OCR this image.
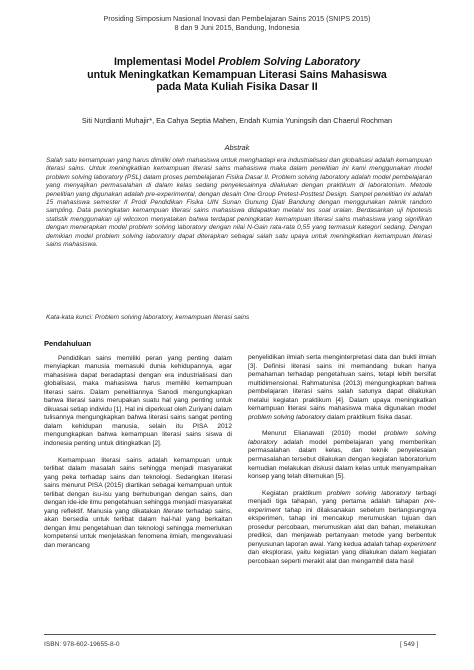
Prosiding Simposium Nasional Inovasi dan Pembelajaran Sains 2015 (SNIPS 2015)
8 dan 9 Juni 2015, Bandung, Indonesia
Implementasi Model Problem Solving Laboratory
untuk Meningkatkan Kemampuan Literasi Sains Mahasiswa
pada Mata Kuliah Fisika Dasar II
Siti Nurdianti Muhajir*, Ea Cahya Septia Mahen, Endah Kurnia Yuningsih dan Chaerul Rochman
Abstrak
Salah satu kemampuan yang harus dimiliki oleh mahasiswa untuk menghadapi era industrialisasi dan globalisasi adalah kemampuan literasi sains. Untuk meningkatkan kemampuan literasi sains mahasiswa maka dalam penelitian ini kami menggunakan model problem solving laboratory (PSL) dalam proses pembelajaran Fisika Dasar II. Problem solving laboratory adalah model pembelajaran yang menyajikan permasalahan di dalam kelas sedang penyelesainnya dilakukan dengan praktikum di laboratorium. Metode penelitian yang digunakan adalah pre-experimental, dengan desain One Group Pretest-Posttest Design. Sampel penelitian ini adalah 15 mahasiswa semester II Prodi Pendidikan Fisika UIN Sunan Gunung Djati Bandung dengan menggunakan teknik random sampling. Data peningkatan kemampuan literasi sains mahasiswa didapatkan melalui tes soal uraian. Berdasarkan uji hipotesis statistik menggunakan uji wilcoxon menyatakan bahwa terdapat peningkatan kemampuan literasi sains mahasiswa yang signifikan dengan menerapkan model problem solving laboratory dengan nilai N-Gain rata-rata 0,55 yang termasuk kategori sedang. Dengan demikian model problem solving laboratory dapat diterapkan sebagai salah satu upaya untuk meningkatkan kemampuan literasi sains mahasiswa.
Kata-kata kunci: Problem solving laboratory, kemampuan literasi sains
Pendahuluan

Pendidikan sains memiliki peran yang penting dalam menyiapkan manusia memasuki dunia kehidupannya, agar mahasiswa dapat beradaptasi dengan era industrialisasi dan globalisasi, maka mahasiswa harus memiliki kemampuan literasi sains. Dalam penelitiannya Sanodi mengungkapkan bahwa literasi sains merupakan suatu hal yang penting untuk dikuasai setiap individu [1]. Hal ini diperkuat oleh Zuriyani dalam tulisannya mengungkapkan bahwa literasi sains sangat penting dalam kehidupan manusia, selain itu PISA 2012 mengungkapkan bahwa kemampuan literasi sains siswa di indonesia penting untuk ditingkatkan [2].

Kemampuan literasi sains adalah kemampuan untuk terlibat dalam masalah sains sehingga menjadi masyarakat yang peka terhadap sains dan teknologi. Sedangkan literasi sains menurut PISA (2015) diartikan sebagai kemampuan untuk terlibat dengan isu-isu yang berhubungan dengan sains, dan dengan ide-ide ilmu pengetahuan sehingga menjadi masyarakat yang reflektif. Manusia yang dikatakan literate terhadap sains, akan bersedia untuk terlibat dalam hal-hal yang berkaitan dengan ilmu pengetahuan dan teknologi sehingga memerlukan kompetensi untuk menjelaskan fenomena ilmiah, mengevaluasi dan merancang

penyelidikan ilmiah serta menginterpretasi data dan bukti ilmiah [3]. Definisi literasi sains ini memandang bukan hanya pemahaman terhadap pengetahuan sains, tetapi lebih bersifat multidimensional. Rahmatunisa (2013) mengungkapkan bahwa pembelajaran literasi sains salah satunya dapat dilakukan melalui kegiatan praktikum [4]. Dalam upaya meningkatkan kemampuan literasi sains mahasiswa maka digunakan model problem solving laboratory dalam praktikum fisika dasar.

Menurut Elianawati (2010) model problem solving laboratory adalah model pembelajaran yang memberikan permasalahan dalam kelas, dan teknik penyelesaian permasalahan tersebut dilakukan dengan kegiatan laboratorium kemudian melakukan diskusi dalam kelas untuk menyampaikan konsep yang telah ditemukan [5].

Kegiatan praktikum problem solving laboratory terbagi menjadi tiga tahapan, yang pertama adalah tahapan pre-experiment tahap ini dilaksanakan sebelum berlangsungnya eksperimen, tahap ini mencakup merumuskan tujuan dan prosedur percobaan, merumuskan alat dan bahan, melakukan prediksi, dan menjawab pertanyaan metode yang berbentuk penyusunan laporan awal. Yang kedua adalah tahap experiment dan eksplorasi, yaitu kegiatan yang dilakukan dalam kegiatan percobaan seperti merakit alat dan mengambil data hasil

ISBN: 978-602-19655-8-0	[ 549 ]
